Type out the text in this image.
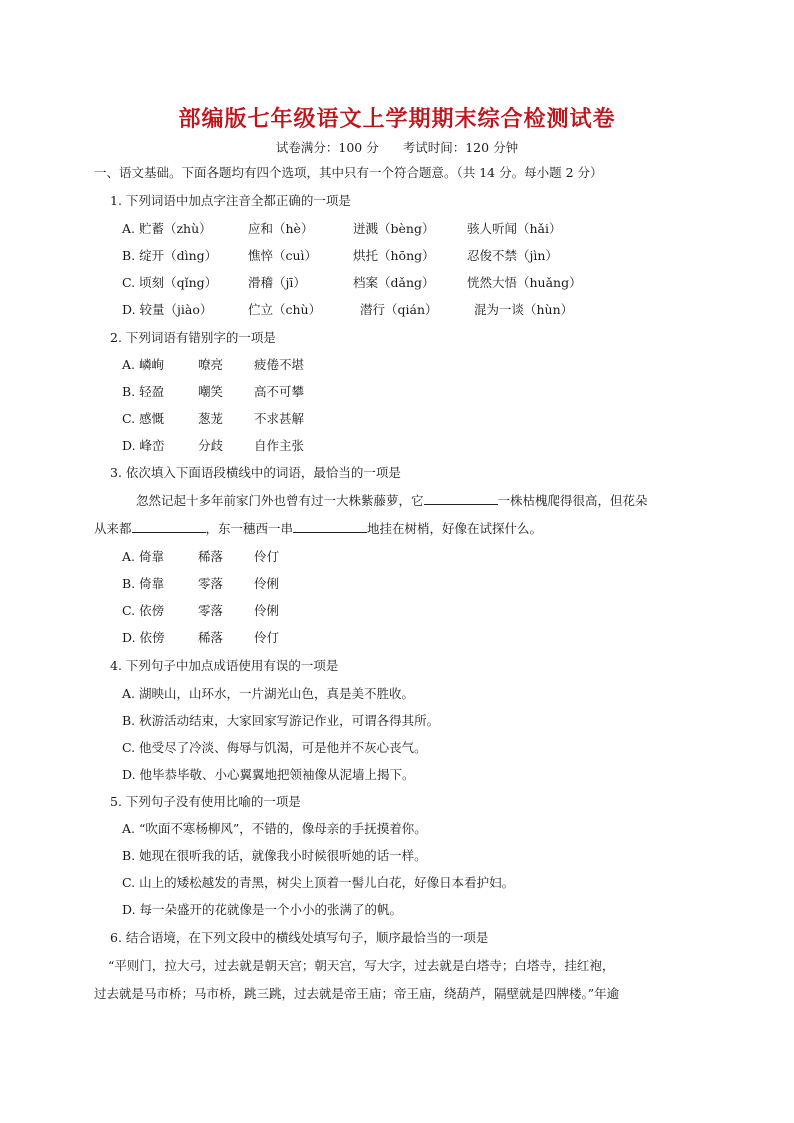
部编版七年级语文上学期期末综合检测试卷
试卷满分：100 分 考试时间：120 分钟
一、语文基础。下面各题均有四个选项，其中只有一个符合题意。（共 14 分。每小题 2 分）
1. 下列词语中加点字注音全都正确的一项是
A. 贮蓄（zhù）	应和（hè）	迸溅（bèng）	骇人听闻（hǎi）
B. 绽开（dìng） 憔悴（cuì）	烘托（hōng）	忍俊不禁（jìn）
C. 顷刻（qǐng） 滑稽（jī）	档案（dǎng）	恍然大悟（huǎng）
D. 较量（jiào）	伫立（chù）	潜行（qián）	混为一谈（hùn）
2. 下列词语有错别字的一项是
A. 嶙峋	嘹亮 疲倦不堪
B. 轻盈	嘲笑 高不可攀
C. 感慨	葱茏 不求甚解
D. 峰峦	分歧 自作主张
3. 依次填入下面语段横线中的词语，最恰当的一项是
忽然记起十多年前家门外也曾有过一大株紫藤萝，它	一株枯槐爬得很高，但花朵
从来都	，东一穗西一串	地挂在树梢，好像在试探什么。
A. 倚靠	稀落 伶仃
B. 倚靠	零落 伶俐
C. 依傍	零落 伶俐
D. 依傍	稀落 伶仃
4. 下列句子中加点成语使用有误的一项是
A. 湖映山，山环水，一片湖光山色，真是美不胜收。
B. 秋游活动结束，大家回家写游记作业，可谓各得其所。
C. 他受尽了冷淡、侮辱与饥渴，可是他并不灰心丧气。
D. 他毕恭毕敬、小心翼翼地把领袖像从泥墙上揭下。
5. 下列句子没有使用比喻的一项是
A. “吹面不寒杨柳风”，不错的，像母亲的手抚摸着你。
B. 她现在很听我的话，就像我小时候很听她的话一样。
C. 山上的矮松越发的青黑，树尖上顶着一髻儿白花，好像日本看护妇。
D. 每一朵盛开的花就像是一个小小的张满了的帆。
6. 结合语境，在下列文段中的横线处填写句子，顺序最恰当的一项是
“平则门，拉大弓，过去就是朝天宫；朝天宫，写大字，过去就是白塔寺；白塔寺，挂红袍，
过去就是马市桥；马市桥，跳三跳，过去就是帝王庙；帝王庙，绕葫芦，隔壁就是四牌楼。”年逾
